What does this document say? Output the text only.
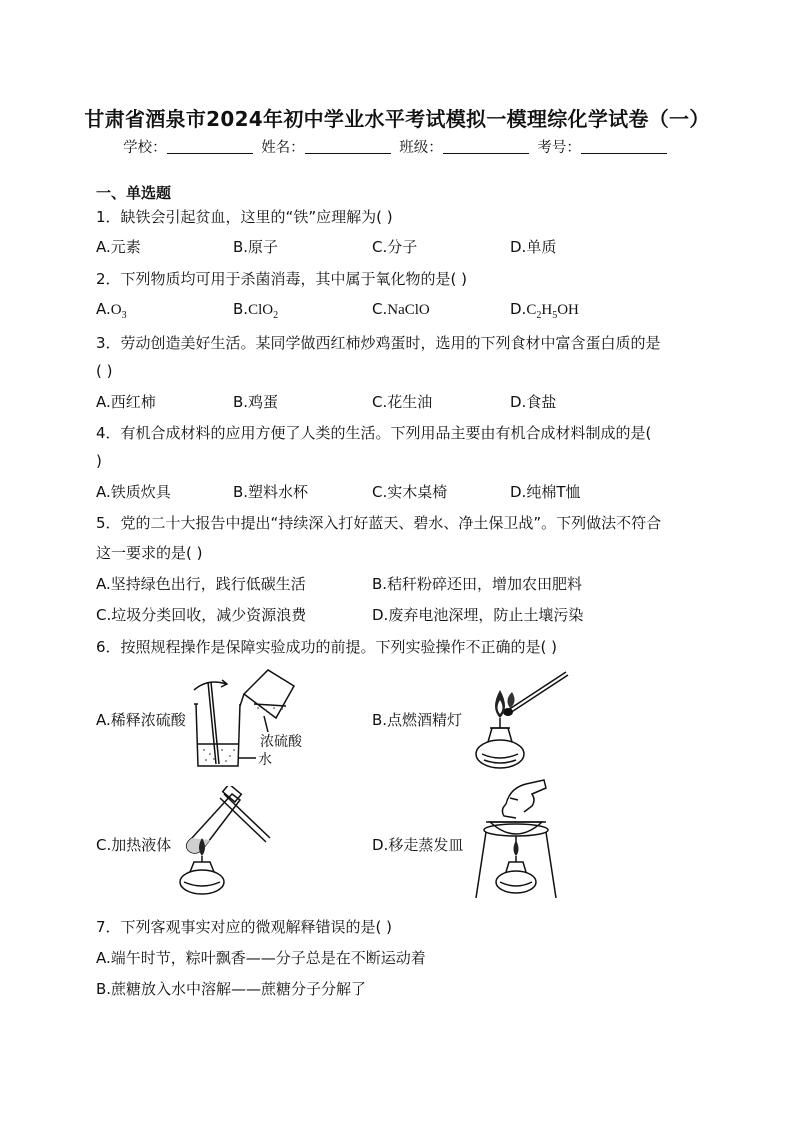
甘肃省酒泉市2024年初中学业水平考试模拟一模理综化学试卷（一）
学校：	姓名：	班级：	考号：
一、单选题
1．缺铁会引起贫血，这里的“铁”应理解为( )
A.元素	B.原子	C.分子	D.单质
2．下列物质均可用于杀菌消毒，其中属于氧化物的是( )
$A.O_3$	B.ClO$_2$	C.NaClO	$D.C_2H_5OH$
3．劳动创造美好生活。某同学做西红柿炒鸡蛋时，选用的下列食材中富含蛋白质的是
( )
A.西红柿	B.鸡蛋	C.花生油	D.食盐
4．有机合成材料的应用方便了人类的生活。下列用品主要由有机合成材料制成的是(
)
A.铁质炊具	B.塑料水杯	C.实木桌椅	D.纯棉T恤
5．党的二十大报告中提出“持续深入打好蓝天、碧水、净土保卫战”。下列做法不符合
这一要求的是( )
A.坚持绿色出行，践行低碳生活	B.秸秆粉碎还田，增加农田肥料
C.垃圾分类回收，减少资源浪费	D.废弃电池深埋，防止土壤污染
6．按照规程操作是保障实验成功的前提。下列实验操作不正确的是( )
A.稀释浓硫酸	B.点燃酒精灯
C.加热液体	D.移走蒸发皿
浓硫酸
水
7．下列客观事实对应的微观解释错误的是( )
A.端午时节，粽叶飘香——分子总是在不断运动着
B.蔗糖放入水中溶解——蔗糖分子分解了
